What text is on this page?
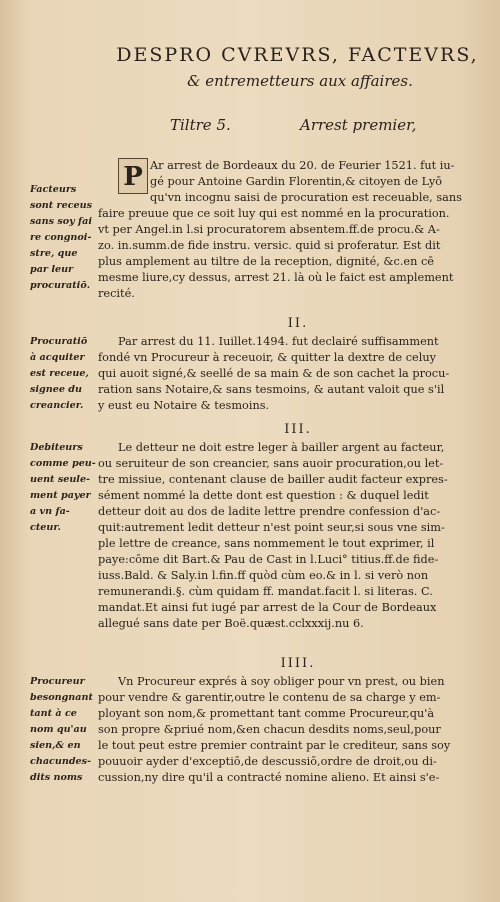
DESPRO CVREVRS, FACTEVRS,
& entremetteurs aux affaires.
Tiltre 5.	Arrest premier,
P Ar arrest de Bordeaux du 20. de Feurier 1521. fut iu-
gé pour Antoine Gardin Florentin,& citoyen de Lyō
qu'vn incognu saisi de procuration est receuable, sans
faire preuue que ce soit luy qui est nommé en la procuration.
vt per Angel.in l.si procuratorem absentem.ff.de procu.& A-
zo. in.summ.de fide instru. versic. quid si proferatur. Est dit
plus amplement au tiltre de la reception, dignité, &c.en cē
mesme liure,cy dessus, arrest 21. là où le faict est amplement
recité.
Facteurs
sont receus
sans soy fai
re congnoi-
stre, que
par leur
procuratiō.
II.
Par arrest du 11. Iuillet.1494. fut declairé suffisamment
fondé vn Procureur à receuoir, & quitter la dextre de celuy
qui auoit signé,& seellé de sa main & de son cachet la procu-
ration sans Notaire,& sans tesmoins, & autant valoit que s'il
y eust eu Notaire & tesmoins.
Procuratiō
à acquiter
est receue,
signee du
creancier.
III.
Le detteur ne doit estre leger à bailler argent au facteur,
ou seruiteur de son creancier, sans auoir procuration,ou let-
tre missiue, contenant clause de bailler audit facteur expres-
sément nommé la dette dont est question : & duquel ledit
detteur doit au dos de ladite lettre prendre confession d'ac-
quit:autrement ledit detteur n'est point seur,si sous vne sim-
ple lettre de creance, sans nommement le tout exprimer, il
paye:cōme dit Bart.& Pau de Cast in l.Luci° titius.ff.de fide-
iuss.Bald. & Saly.in l.fin.ff quòd cùm eo.& in l. si verò non
remunerandi.§. cùm quidam ff. mandat.facit l. si literas. C.
mandat.Et ainsi fut iugé par arrest de la Cour de Bordeaux
allegué sans date per Boë.quæst.cclxxxij.nu 6.
Debiteurs
comme peu-
uent seule-
ment payer
a vn fa-
cteur.
IIII.
Vn Procureur exprés à soy obliger pour vn prest, ou bien
pour vendre & garentir,outre le contenu de sa charge y em-
ployant son nom,& promettant tant comme Procureur,qu'à
son propre &priué nom,&en chacun desdits noms,seul,pour
le tout peut estre premier contraint par le crediteur, sans soy
pouuoir ayder d'exceptiō,de descussiō,ordre de droit,ou di-
cussion,ny dire qu'il a contracté nomine alieno. Et ainsi s'e-
Procureur
besongnant
tant à ce
nom qu'au
sien,& en
chacundes-
dits noms
